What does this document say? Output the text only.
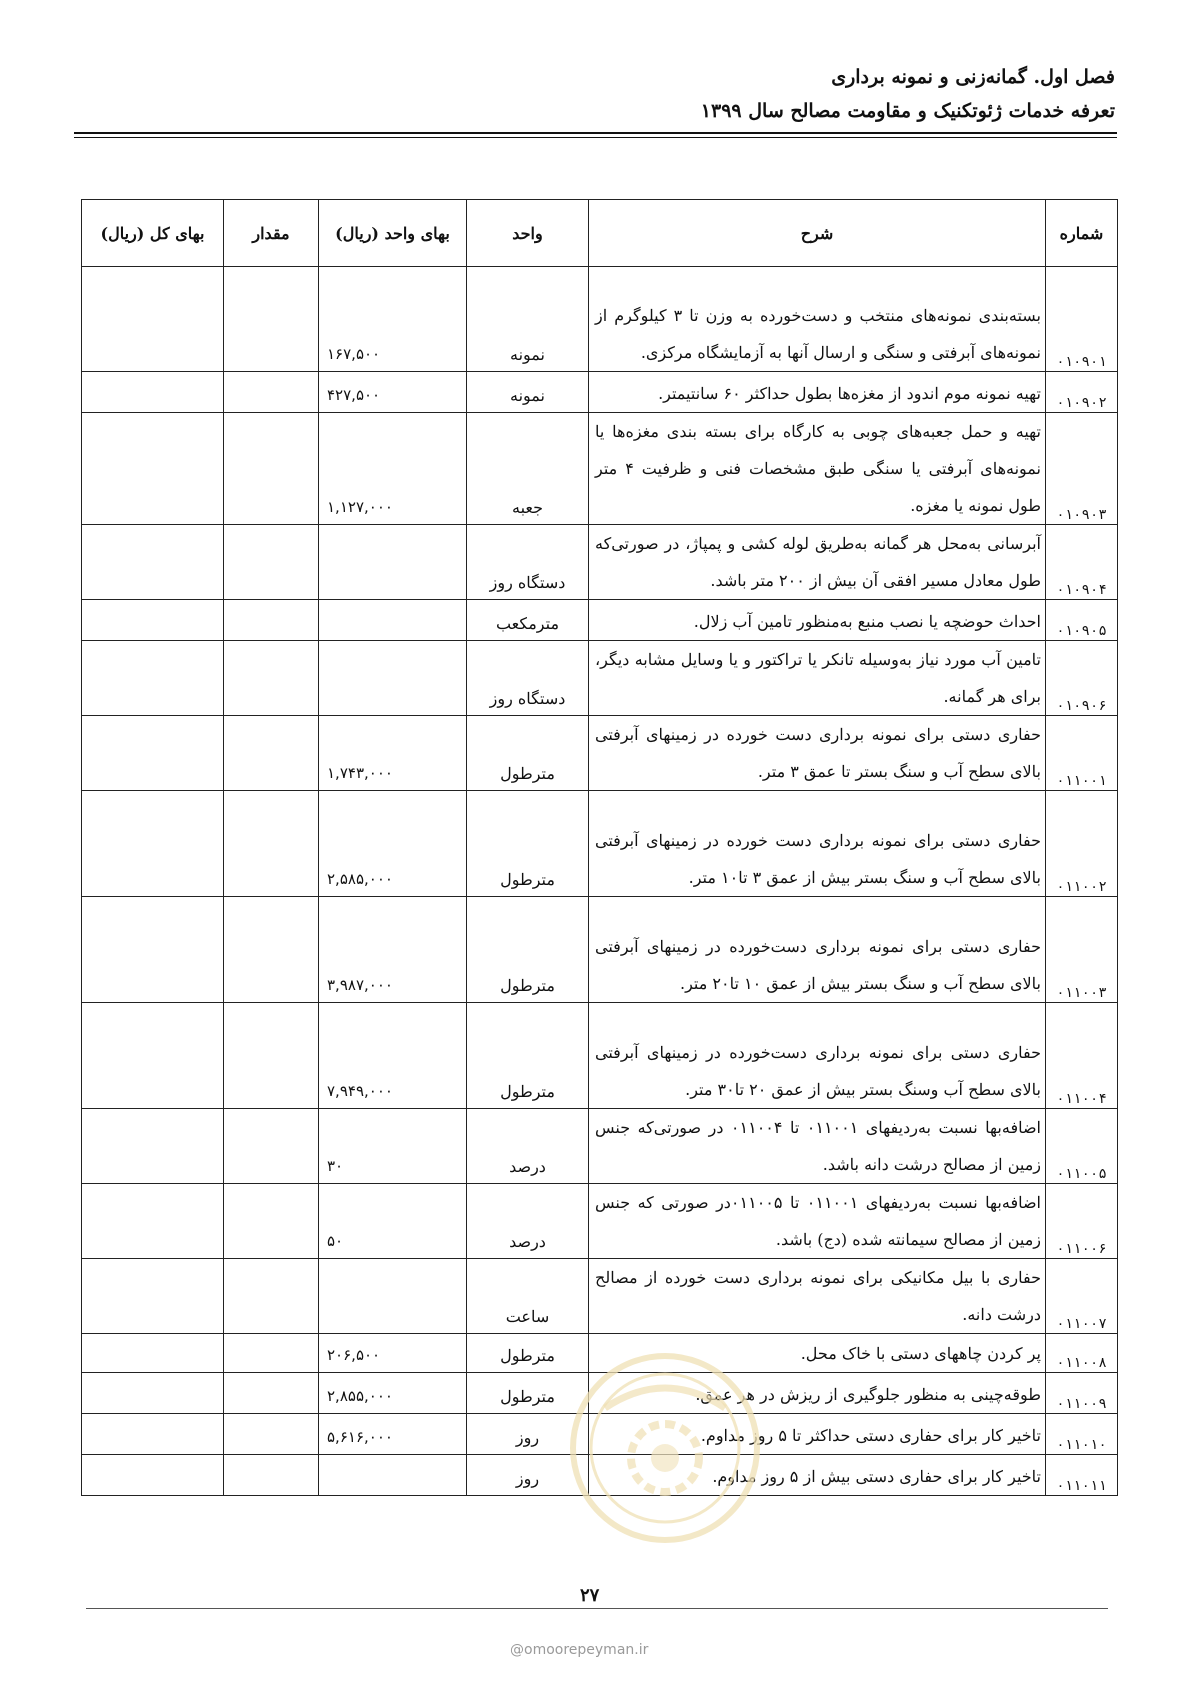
فصل اول. گمانه‌زنی و نمونه برداری
تعرفه خدمات ژئوتکنیک و مقاومت مصالح سال ۱۳۹۹
شماره	شرح	واحد	بهای واحد (ریال)	مقدار	بهای کل (ریال)
۰۱۰۹۰۱	بسته‌بندی نمونه‌های منتخب و دست‌خورده به وزن تا ۳ کیلوگرم از نمونه‌های آبرفتی و سنگی و ارسال آنها به آزمایشگاه مرکزی.	نمونه	۱۶۷,۵۰۰		
۰۱۰۹۰۲	تهیه نمونه موم اندود از مغزه‌ها بطول حداکثر ۶۰ سانتیمتر.	نمونه	۴۲۷,۵۰۰		
۰۱۰۹۰۳	تهیه و حمل جعبه‌های چوبی به کارگاه برای بسته بندی مغزه‌ها یا نمونه‌های آبرفتی یا سنگی طبق مشخصات فنی و ظرفیت ۴ متر طول نمونه یا مغزه.	جعبه	۱,۱۲۷,۰۰۰		
۰۱۰۹۰۴	آبرسانی به‌محل هر گمانه به‌طریق لوله کشی و پمپاژ، در صورتی‌که طول معادل مسیر افقی آن بیش از ۲۰۰ متر باشد.	دستگاه روز			
۰۱۰۹۰۵	احداث حوضچه یا نصب منبع به‌منظور تامین آب زلال.	مترمکعب			
۰۱۰۹۰۶	تامین آب مورد نیاز به‌وسیله تانکر یا تراکتور و یا وسایل مشابه دیگر، برای هر گمانه.	دستگاه روز			
۰۱۱۰۰۱	حفاری دستی برای نمونه برداری دست خورده در زمینهای آبرفتی بالای سطح آب و سنگ بستر تا عمق ۳ متر.	مترطول	۱,۷۴۳,۰۰۰		
۰۱۱۰۰۲	حفاری دستی برای نمونه برداری دست خورده در زمینهای آبرفتی بالای سطح آب و سنگ بستر بیش از عمق ۳ تا۱۰ متر.	مترطول	۲,۵۸۵,۰۰۰		
۰۱۱۰۰۳	حفاری دستی برای نمونه برداری دست‌خورده در زمینهای آبرفتی بالای سطح آب و سنگ بستر بیش از عمق ۱۰ تا۲۰ متر.	مترطول	۳,۹۸۷,۰۰۰		
۰۱۱۰۰۴	حفاری دستی برای نمونه برداری دست‌خورده در زمینهای آبرفتی بالای سطح آب وسنگ بستر بیش از عمق ۲۰ تا۳۰ متر.	مترطول	۷,۹۴۹,۰۰۰		
۰۱۱۰۰۵	اضافه‌بها نسبت به‌ردیفهای ۰۱۱۰۰۱ تا ۰۱۱۰۰۴ در صورتی‌که جنس زمین از مصالح درشت دانه باشد.	درصد	۳۰		
۰۱۱۰۰۶	اضافه‌بها نسبت به‌ردیفهای ۰۱۱۰۰۱ تا ۰۱۱۰۰۵در صورتی که جنس زمین از مصالح سیمانته شده (دج) باشد.	درصد	۵۰		
۰۱۱۰۰۷	حفاری با بیل مکانیکی برای نمونه برداری دست خورده از مصالح درشت دانه.	ساعت			
۰۱۱۰۰۸	پر کردن چاههای دستی با خاک محل.	مترطول	۲۰۶,۵۰۰		
۰۱۱۰۰۹	طوقه‌چینی به منظور جلوگیری از ریزش در هر عمق.	مترطول	۲,۸۵۵,۰۰۰		
۰۱۱۰۱۰	تاخیر کار برای حفاری دستی حداکثر تا ۵ روز مداوم.	روز	۵,۶۱۶,۰۰۰		
۰۱۱۰۱۱	تاخیر کار برای حفاری دستی بیش از ۵ روز مداوم.	روز			
۲۷
@omoorepeyman.ir
